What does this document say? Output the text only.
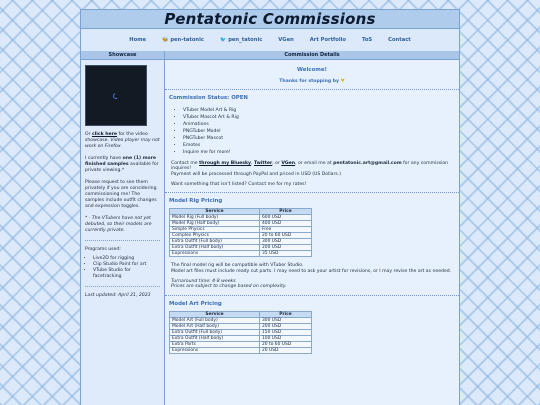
Pentatonic Commissions
Home	🐝 pen-tatonic	🐦 pen_tatonic	VGen	Art Portfolio	ToS	Contact
Showcase

Or click here for the video showcase. Video player may not work on Firefox.

I currently have one (1) more finished samples available for private viewing.*

Please request to see them privately if you are considering commissioning me! The samples include outfit changes and expression toggles.

* - The VTubers have not yet debuted, so their models are currently private.

Programs used:

• Live2D for rigging
• Clip Studio Paint for art
• VTube Studio for facetracking

Last updated: April 21, 2023

Commission Details
Welcome!
Thanks for stopping by ♥
Commission Status: OPEN
• VTuber Model Art & Rig
• VTuber Mascot Art & Rig
• Animations
• PNGTuber Model
• PNGTuber Mascot
• Emotes
• Inquire me for more!
Contact me through my Bluesky, Twitter, or VGen, or email me at pentatonic.art@gmail.com for any commission inquires!
Payment will be processed through PayPal and priced in USD (US Dollars.)
Want something that isn't listed? Contact me for my rates!
Model Rig Pricing
Service	Price
Model Rig (Full body)	600 USD
Model Rig (Half body)	400 USD
Simple Physics	Free
Complex Physics	20 to 60 USD
Extra Outfit (Full body)	300 USD
Extra Outfit (Half body)	200 USD
Expressions	35 USD
The final model rig will be compatible with VTuber Studio.
Model art files must include ready cut parts. I may need to ask your artist for revisions, or I may revise the art as needed.
Turnaround time: 4-8 weeks
Prices are subject to change based on complexity.
Model Art Pricing
Service	Price
Model Art (Full body)	300 USD
Model Art (Half body)	200 USD
Extra Outfit (Full body)	150 USD
Extra Outfit (Half body)	100 USD
Extra Parts	20 to 60 USD
Expressions	20 USD
